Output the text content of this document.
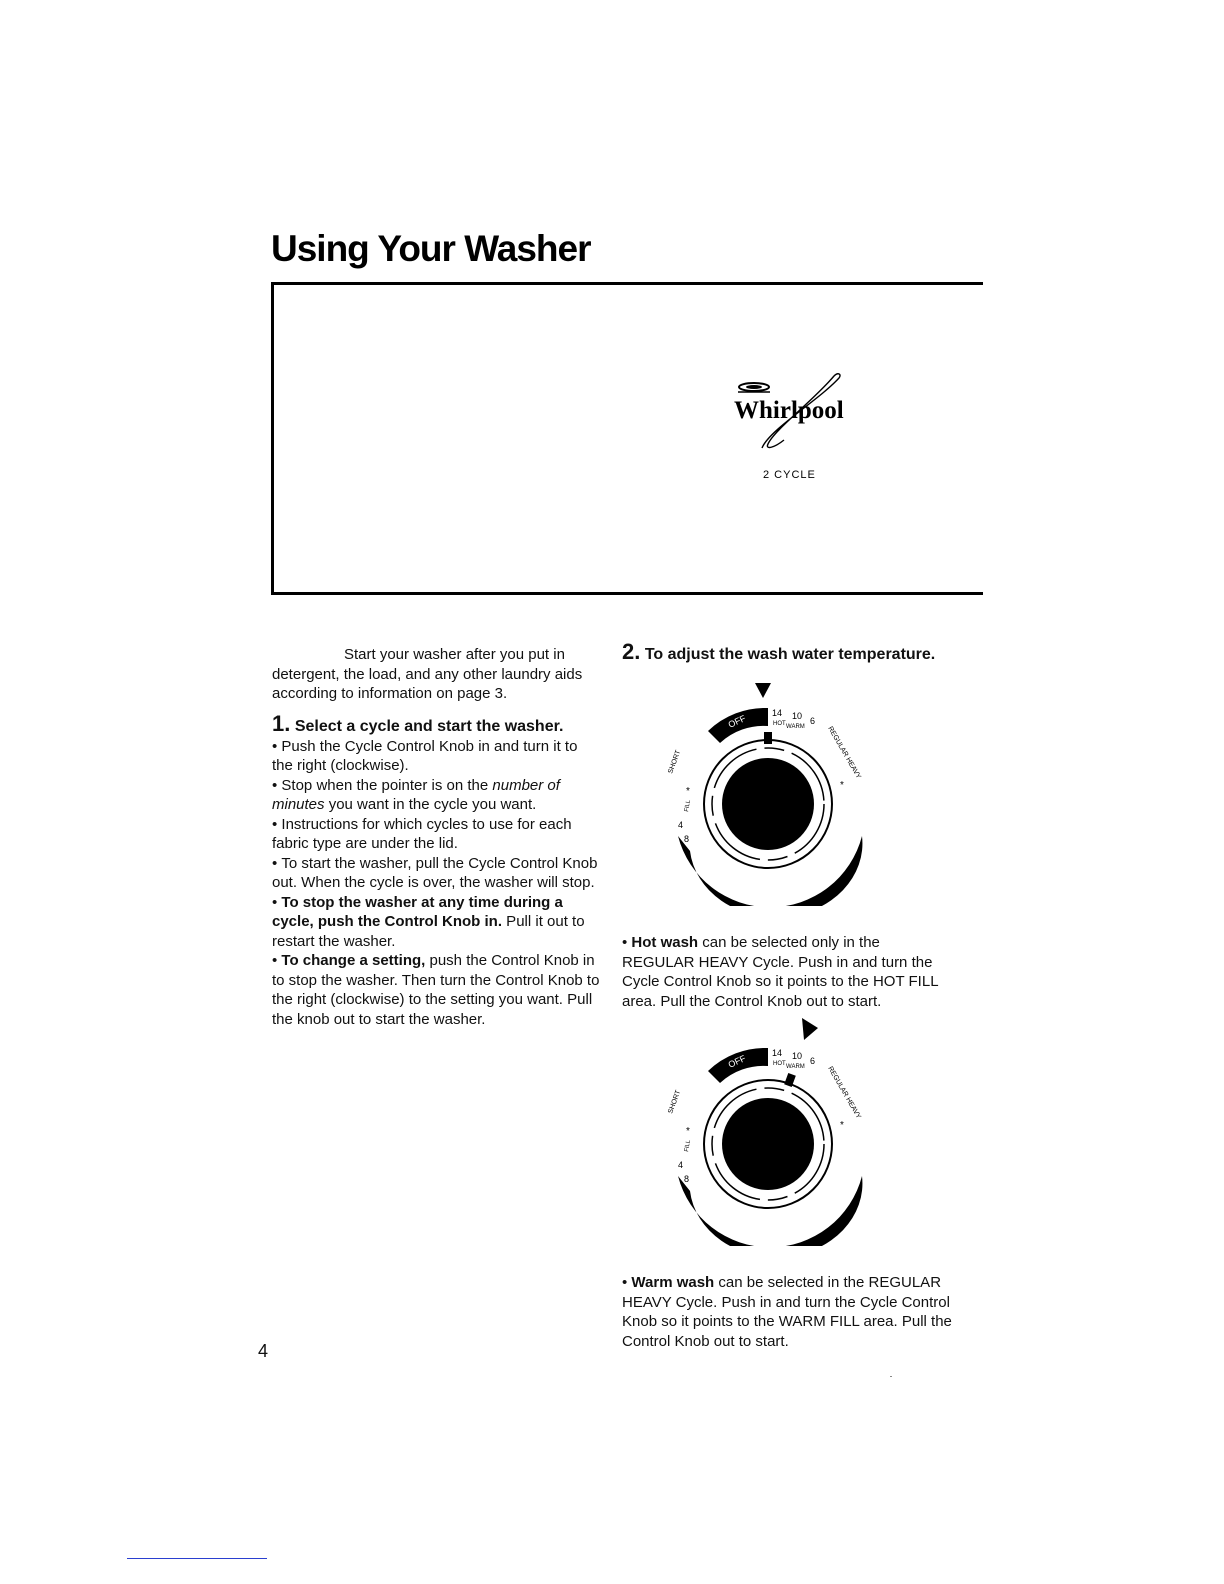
Using Your Washer
Whirlpool
2 CYCLE

Start your washer after you put in detergent, the load, and any other laundry aids according to information on page 3.

1. Select a cycle and start the washer.

• Push the Cycle Control Knob in and turn it to the right (clockwise).

• Stop when the pointer is on the number of minutes you want in the cycle you want.

• Instructions for which cycles to use for each fabric type are under the lid.

• To start the washer, pull the Cycle Control Knob out. When the cycle is over, the washer will stop.

• To stop the washer at any time during a cycle, push the Control Knob in. Pull it out to restart the washer.

• To change a setting, push the Control Knob in to stop the washer. Then turn the Control Knob to the right (clockwise) to the setting you want. Pull the knob out to start the washer.

2. To adjust the wash water temperature.

• Hot wash can be selected only in the REGULAR HEAVY Cycle. Push in and turn the Cycle Control Knob so it points to the HOT FILL area. Pull the Control Knob out to start.

• Warm wash can be selected in the REGULAR HEAVY Cycle. Push in and turn the Cycle Control Knob so it points to the WARM FILL area. Pull the Control Knob out to start.

OFF
OFF
14
HOT
10
WARM
6
REGULAR HEAVY
SHORT
*
*
FILL
4
8
OFF
OFF
14
HOT
10
WARM
6
REGULAR HEAVY
SHORT
*
*
FILL
4
8
4
